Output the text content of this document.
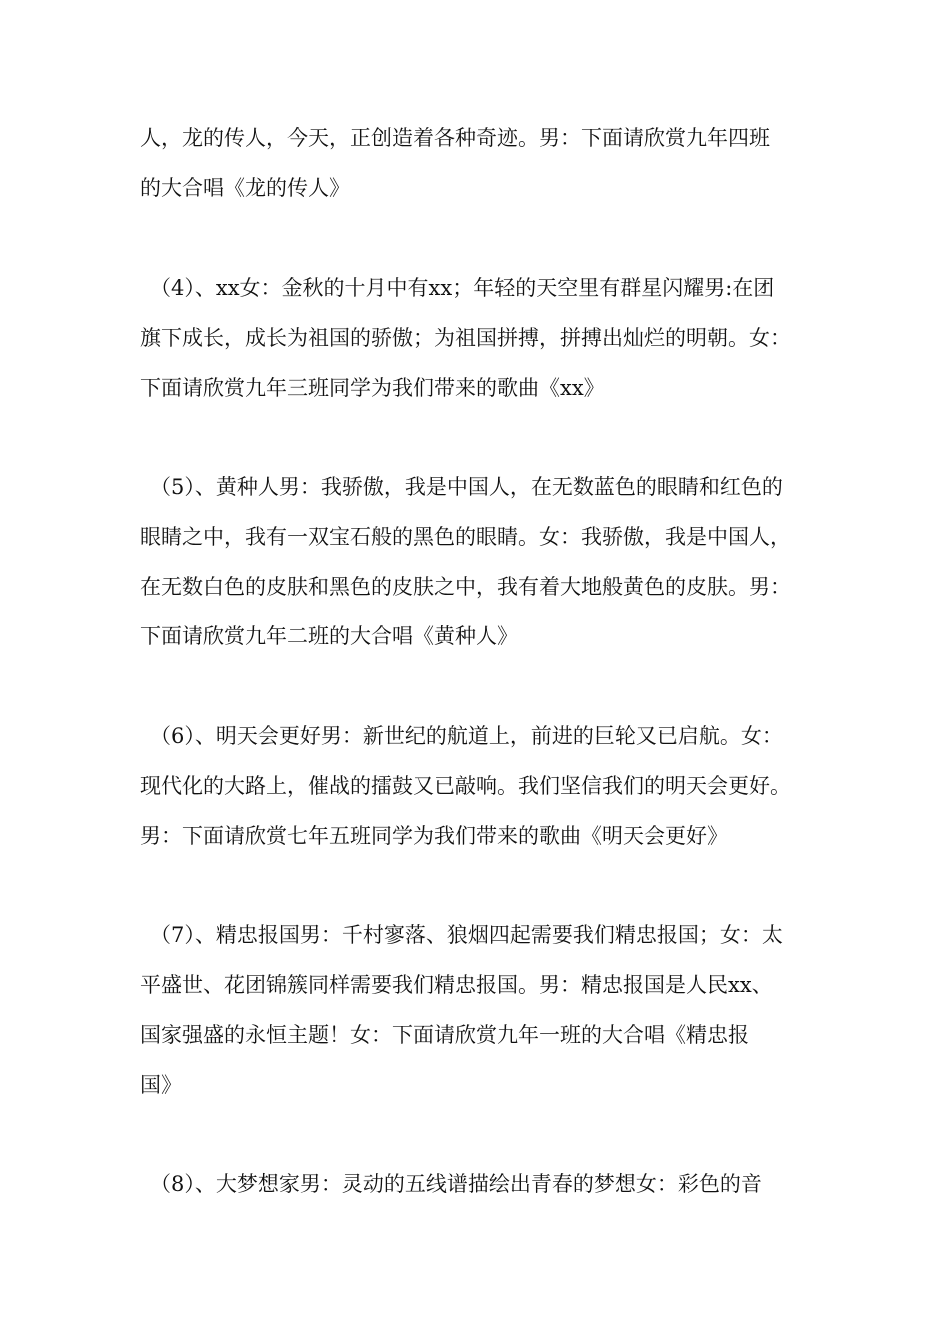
人，龙的传人，今天，正创造着各种奇迹。男：下面请欣赏九年四班

的大合唱《龙的传人》

（4）、xx女：金秋的十月中有xx；年轻的天空里有群星闪耀男:在团

旗下成长，成长为祖国的骄傲；为祖国拼搏，拼搏出灿烂的明朝。女：

下面请欣赏九年三班同学为我们带来的歌曲《xx》

（5）、黄种人男：我骄傲，我是中国人，在无数蓝色的眼睛和红色的

眼睛之中，我有一双宝石般的黑色的眼睛。女：我骄傲，我是中国人，

在无数白色的皮肤和黑色的皮肤之中，我有着大地般黄色的皮肤。男：

下面请欣赏九年二班的大合唱《黄种人》

（6）、明天会更好男：新世纪的航道上，前进的巨轮又已启航。女：

现代化的大路上，催战的擂鼓又已敲响。我们坚信我们的明天会更好。

男：下面请欣赏七年五班同学为我们带来的歌曲《明天会更好》

（7）、精忠报国男：千村寥落、狼烟四起需要我们精忠报国；女：太

平盛世、花团锦簇同样需要我们精忠报国。男：精忠报国是人民xx、

国家强盛的永恒主题！女：下面请欣赏九年一班的大合唱《精忠报

国》

（8）、大梦想家男：灵动的五线谱描绘出青春的梦想女：彩色的音
